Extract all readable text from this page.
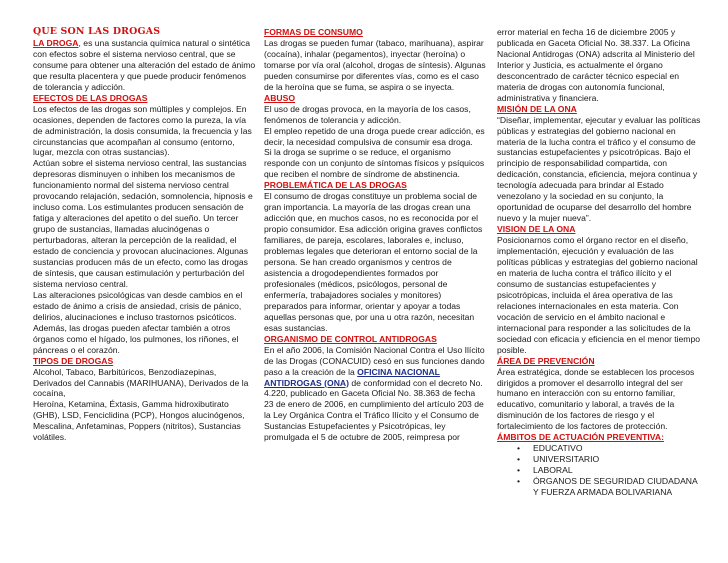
QUE SON LAS DROGAS

LA DROGA, es una sustancia química natural o sintética con efectos sobre el sistema nervioso central, que se consume para obtener una alteración del estado de ánimo que resulta placentera y que puede producir fenómenos de tolerancia y adicción.

EFECTOS DE LAS DROGAS

Los efectos de las drogas son múltiples y complejos. En ocasiones, dependen de factores como la pureza, la vía de administración, la dosis consumida, la frecuencia y las circunstancias que acompañan al consumo (entorno, lugar, mezcla con otras sustancias).
Actúan sobre el sistema nervioso central, las sustancias depresoras disminuyen o inhiben los mecanismos de funcionamiento normal del sistema nervioso central provocando relajación, sedación, somnolencia, hipnosis e incluso coma. Los estimulantes producen sensación de fatiga y alteraciones del apetito o del sueño. Un tercer grupo de sustancias, llamadas alucinógenas o perturbadoras, alteran la percepción de la realidad, el estado de conciencia y provocan alucinaciones. Algunas sustancias producen más de un efecto, como las drogas de síntesis, que causan estimulación y perturbación del sistema nervioso central.
Las alteraciones psicológicas van desde cambios en el estado de ánimo a crisis de ansiedad, crisis de pánico, delirios, alucinaciones e incluso trastornos psicóticos. Además, las drogas pueden afectar también a otros órganos como el hígado, los pulmones, los riñones, el páncreas o el corazón.

TIPOS DE DROGAS

Alcohol, Tabaco, Barbitúricos, Benzodiazepinas, Derivados del Cannabis (MARIHUANA), Derivados de la cocaína,
Heroína, Ketamina, Éxtasis, Gamma hidroxibutirato (GHB), LSD, Fenciclidina (PCP), Hongos alucinógenos, Mescalina, Anfetaminas, Poppers (nitritos), Sustancias volátiles.

FORMAS DE CONSUMO

Las drogas se pueden fumar (tabaco, marihuana), aspirar (cocaína), inhalar (pegamentos), inyectar (heroína) o tomarse por vía oral (alcohol, drogas de síntesis). Algunas pueden consumirse por diferentes vías, como es el caso de la heroína que se fuma, se aspira o se inyecta.

ABUSO

El uso de drogas provoca, en la mayoría de los casos, fenómenos de tolerancia y adicción.
El empleo repetido de una droga puede crear adicción, es decir, la necesidad compulsiva de consumir esa droga.
Si la droga se suprime o se reduce, el organismo responde con un conjunto de síntomas físicos y psíquicos que reciben el nombre de síndrome de abstinencia.

PROBLEMÁTICA DE LAS DROGAS

El consumo de drogas constituye un problema social de gran importancia. La mayoría de las drogas crean una adicción que, en muchos casos, no es reconocida por el propio consumidor. Esa adicción origina graves conflictos familiares, de pareja, escolares, laborales e, incluso, problemas legales que deterioran el entorno social de la persona. Se han creado organismos y centros de asistencia a drogodependientes formados por profesionales (médicos, psicólogos, personal de enfermería, trabajadores sociales y monitores) preparados para informar, orientar y apoyar a todas aquellas personas que, por una u otra razón, necesitan esas sustancias.

ORGANISMO DE CONTROL ANTIDROGAS

En el año 2006, la Comisión Nacional Contra el Uso Ilícito de las Drogas (CONACUID) cesó en sus funciones dando paso a la creación de la OFICINA NACIONAL ANTIDROGAS (ONA) de conformidad con el decreto No. 4.220, publicado en Gaceta Oficial No. 38.363 de fecha 23 de enero de 2006, en cumplimiento del artículo 203 de la Ley Orgánica Contra el Tráfico Ilícito y el Consumo de Sustancias Estupefacientes y Psicotrópicas, ley promulgada el 5 de octubre de 2005, reimpresa por

error material en fecha 16 de diciembre 2005 y publicada en Gaceta Oficial No. 38.337. La Oficina Nacional Antidrogas (ONA) adscrita al Ministerio del Interior y Justicia, es actualmente el órgano desconcentrado de carácter técnico especial en materia de drogas con autonomía funcional, administrativa y financiera.

MISIÓN DE LA ONA

“Diseñar, implementar, ejecutar y evaluar las políticas públicas y estrategias del gobierno nacional en materia de la lucha contra el tráfico y el consumo de sustancias estupefacientes y psicotrópicas. Bajo el principio de responsabilidad compartida, con dedicación, constancia, eficiencia, mejora continua y tecnología adecuada para brindar al Estado venezolano y la sociedad en su conjunto, la oportunidad de ocuparse del desarrollo del hombre nuevo y la mujer nueva”.

VISION DE LA ONA

Posicionarnos como el órgano rector en el diseño, implementación, ejecución y evaluación de las políticas públicas y estrategias del gobierno nacional en materia de lucha contra el tráfico ilícito y el consumo de sustancias estupefacientes y psicotrópicas, incluida el área operativa de las relaciones internacionales en esta materia. Con vocación de servicio en el ámbito nacional e internacional para responder a las solicitudes de la sociedad con eficacia y eficiencia en el menor tiempo posible.

ÁREA DE PREVENCIÓN

Área estratégica, donde se establecen los procesos dirigidos a promover el desarrollo integral del ser humano en interacción con su entorno familiar, educativo, comunitario y laboral, a través de la disminución de los factores de riesgo y el fortalecimiento de los factores de protección.

ÁMBITOS DE ACTUACIÓN PREVENTIVA:

• EDUCATIVO
• UNIVERSITARIO
• LABORAL
• ÓRGANOS DE SEGURIDAD CIUDADANA Y FUERZA ARMADA BOLIVARIANA
